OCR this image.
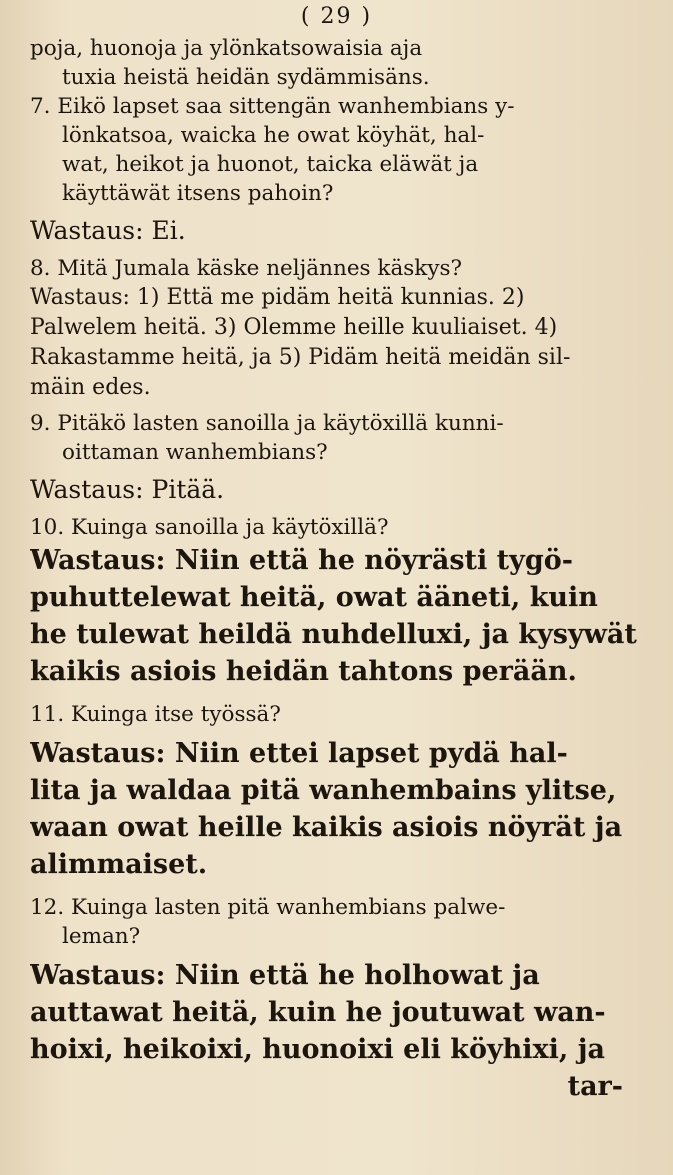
( 29 )
poja, huonoja ja ylönkatsowaisia aja
tuxia heistä heidän sydämmisäns.
7. Eikö lapset saa sittengän wanhembians y-
lönkatsoa, waicka he owat köyhät, hal-
wat, heikot ja huonot, taicka eläwät ja
käyttäwät itsens pahoin?
Wastaus: Ei.
8. Mitä Jumala käske neljännes käskys?
Wastaus: 1) Että me pidäm heitä kunnias. 2)
Palwelem heitä. 3) Olemme heille kuuliaiset. 4)
Rakastamme heitä, ja 5) Pidäm heitä meidän sil-
mäin edes.
9. Pitäkö lasten sanoilla ja käytöxillä kunni-
oittaman wanhembians?
Wastaus: Pitää.
10. Kuinga sanoilla ja käytöxillä?
Wastaus: Niin että he nöyrästi tygö-
puhuttelewat heitä, owat ääneti, kuin
he tulewat heildä nuhdelluxi, ja kysywät
kaikis asiois heidän tahtons perään.
11. Kuinga itse työssä?
Wastaus: Niin ettei lapset pydä hal-
lita ja waldaa pitä wanhembains ylitse,
waan owat heille kaikis asiois nöyrät ja
alimmaiset.
12. Kuinga lasten pitä wanhembians palwe-
leman?
Wastaus: Niin että he holhowat ja
auttawat heitä, kuin he joutuwat wan-
hoixi, heikoixi, huonoixi eli köyhixi, ja
tar-
